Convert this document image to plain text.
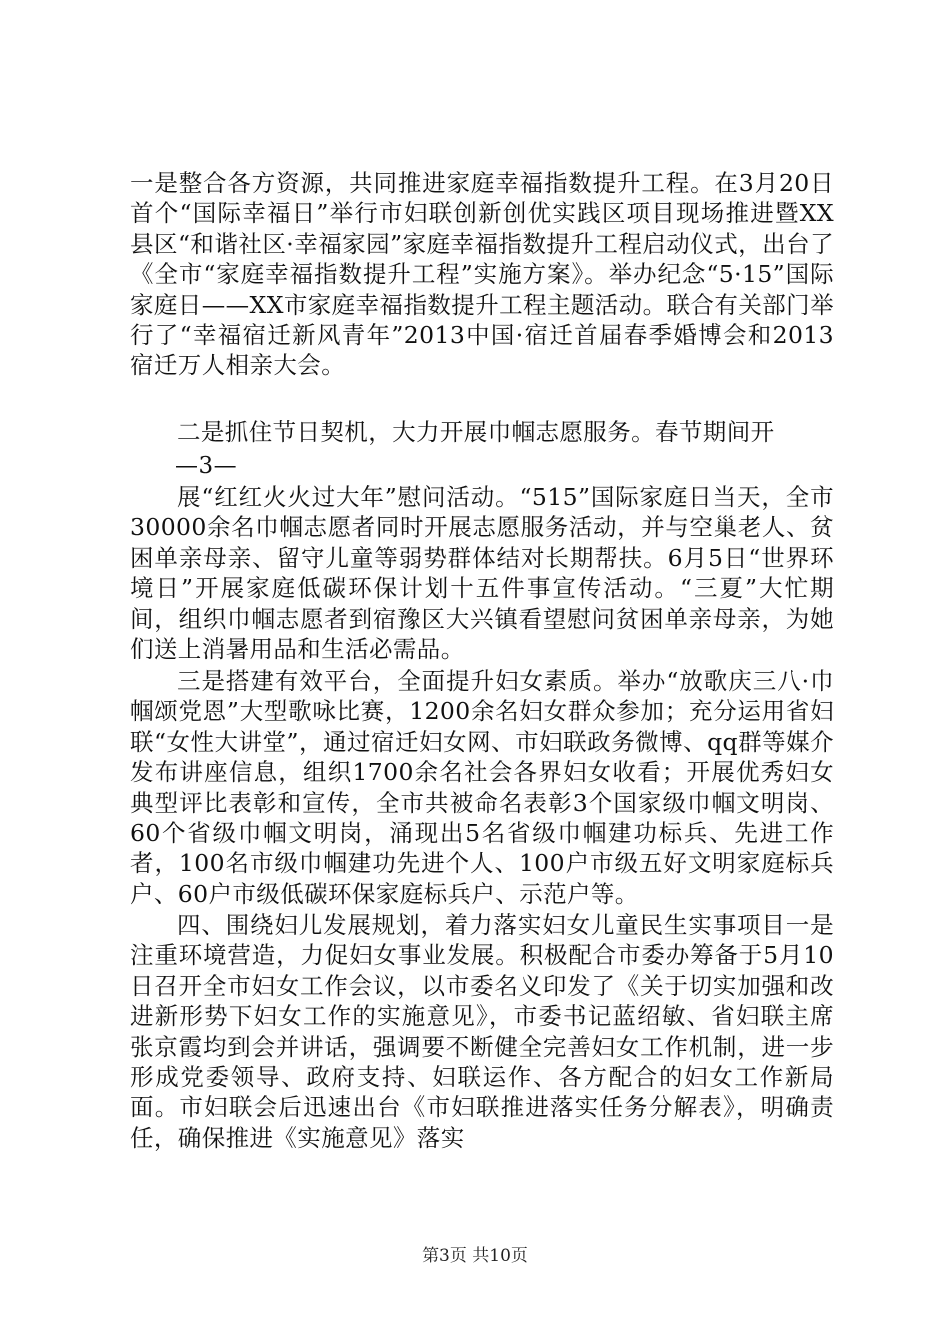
一是整合各方资源，共同推进家庭幸福指数提升工程。在3月20日首个“国际幸福日”举行市妇联创新创优实践区项目现场推进暨XX县区“和谐社区·幸福家园”家庭幸福指数提升工程启动仪式，出台了《全市“家庭幸福指数提升工程”实施方案》。举办纪念“5·15”国际家庭日——XX市家庭幸福指数提升工程主题活动。联合有关部门举行了“幸福宿迁新风青年”2013中国·宿迁首届春季婚博会和2013宿迁万人相亲大会。

二是抓住节日契机，大力开展巾帼志愿服务。春节期间开

—3—

展“红红火火过大年”慰问活动。“515”国际家庭日当天，全市30000余名巾帼志愿者同时开展志愿服务活动，并与空巢老人、贫困单亲母亲、留守儿童等弱势群体结对长期帮扶。6月5日“世界环境日”开展家庭低碳环保计划十五件事宣传活动。“三夏”大忙期间，组织巾帼志愿者到宿豫区大兴镇看望慰问贫困单亲母亲，为她们送上消暑用品和生活必需品。

三是搭建有效平台，全面提升妇女素质。举办“放歌庆三八·巾帼颂党恩”大型歌咏比赛，1200余名妇女群众参加；充分运用省妇联“女性大讲堂”，通过宿迁妇女网、市妇联政务微博、qq群等媒介发布讲座信息，组织1700余名社会各界妇女收看；开展优秀妇女典型评比表彰和宣传，全市共被命名表彰3个国家级巾帼文明岗、60个省级巾帼文明岗，涌现出5名省级巾帼建功标兵、先进工作者，100名市级巾帼建功先进个人、100户市级五好文明家庭标兵户、60户市级低碳环保家庭标兵户、示范户等。

四、围绕妇儿发展规划，着力落实妇女儿童民生实事项目一是注重环境营造，力促妇女事业发展。积极配合市委办筹备于5月10日召开全市妇女工作会议，以市委名义印发了《关于切实加强和改进新形势下妇女工作的实施意见》，市委书记蓝绍敏、省妇联主席张京霞均到会并讲话，强调要不断健全完善妇女工作机制，进一步形成党委领导、政府支持、妇联运作、各方配合的妇女工作新局面。市妇联会后迅速出台《市妇联推进落实任务分解表》，明确责任，确保推进《实施意见》落实

第3页 共10页
